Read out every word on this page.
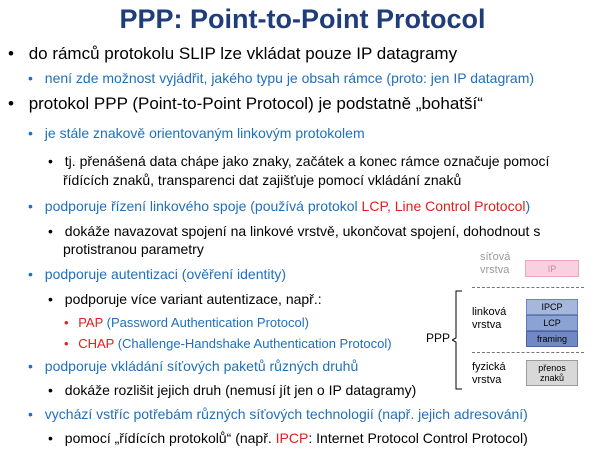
PPP: Point-to-Point Protocol
• do rámců protokolu SLIP lze vkládat pouze IP datagramy
• není zde možnost vyjádřit, jakého typu je obsah rámce (proto: jen IP datagram)
• protokol PPP (Point-to-Point Protocol) je podstatně „bohatší“
• je stále znakově orientovaným linkovým protokolem
• tj. přenášená data chápe jako znaky, začátek a konec rámce označuje pomocí
řídících znaků, transparenci dat zajišťuje pomocí vkládání znaků
• podporuje řízení linkového spoje (používá protokol LCP, Line Control Protocol)
• dokáže navazovat spojení na linkové vrstvě, ukončovat spojení, dohodnout s
protistranou parametry
• podporuje autentizaci (ověření identity)
• podporuje více variant autentizace, např.:
• PAP (Password Authentication Protocol)
• CHAP (Challenge-Handshake Authentication Protocol)
• podporuje vkládání síťových paketů různých druhů
• dokáže rozlišit jejich druh (nemusí jít jen o IP datagramy)
• vychází vstříc potřebám různých síťových technologií (např. jejich adresování)
• pomocí „řídících protokolů“ (např. IPCP: Internet Protocol Control Protocol)
síťová
vrstva	IP
linková
vrstva
IPCP
LCP
framing
fyzická
vrstva
přenos
znaků
PPP
